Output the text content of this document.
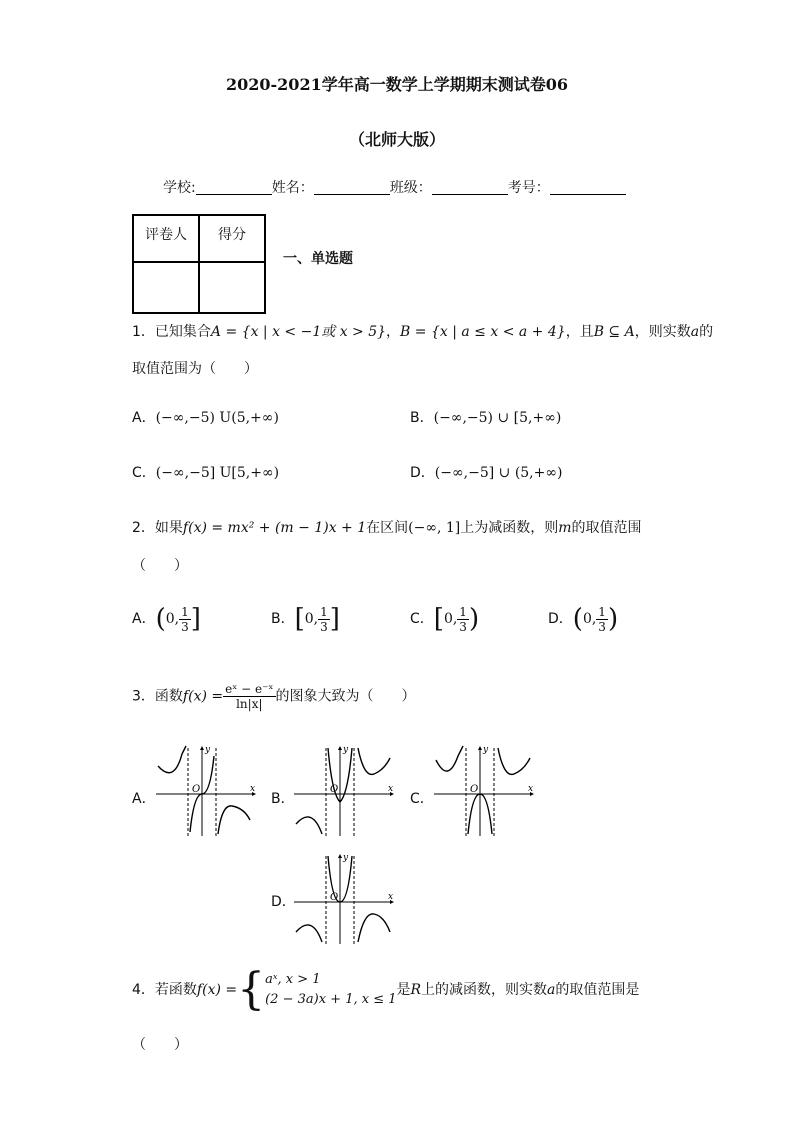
2020-2021学年高一数学上学期期末测试卷06
（北师大版）
学校:	姓名：	班级：	考号：
评卷人	得分

一、单选题
1．已知集合A = {x | x < −1或 x > 5}，B = {x | a ≤ x < a + 4}，且B ⊆ A，则实数a的
取值范围为（　　）
A．(−∞,−5) U(5,+∞)	B．(−∞,−5) ∪ [5,+∞)
C．(−∞,−5] U[5,+∞)	D．(−∞,−5] ∪ (5,+∞)
2．如果f(x) = mx² + (m − 1)x + 1在区间(−∞, 1]上为减函数，则m的取值范围
（　　）
A．(0, $\frac{1}{3}$ ]	B．[0, $\frac{1}{3}$ ]	C．[0, $\frac{1}{3}$ )	D．(0, $\frac{1}{3}$ )
3．函数$f(x) = \frac{\text{eˣ − e⁻ˣ}}{\ln|x|}$ 的图象大致为（　　）
A．
x
y
O
B．
x
y
O
C．
x
y
O
D．	x
y
O
4．若函数f(x) ={ aˣ, x > 1
(2 − 3a)x + 1, x ≤ 1
是R上的减函数，则实数a的取值范围是
（　　）
